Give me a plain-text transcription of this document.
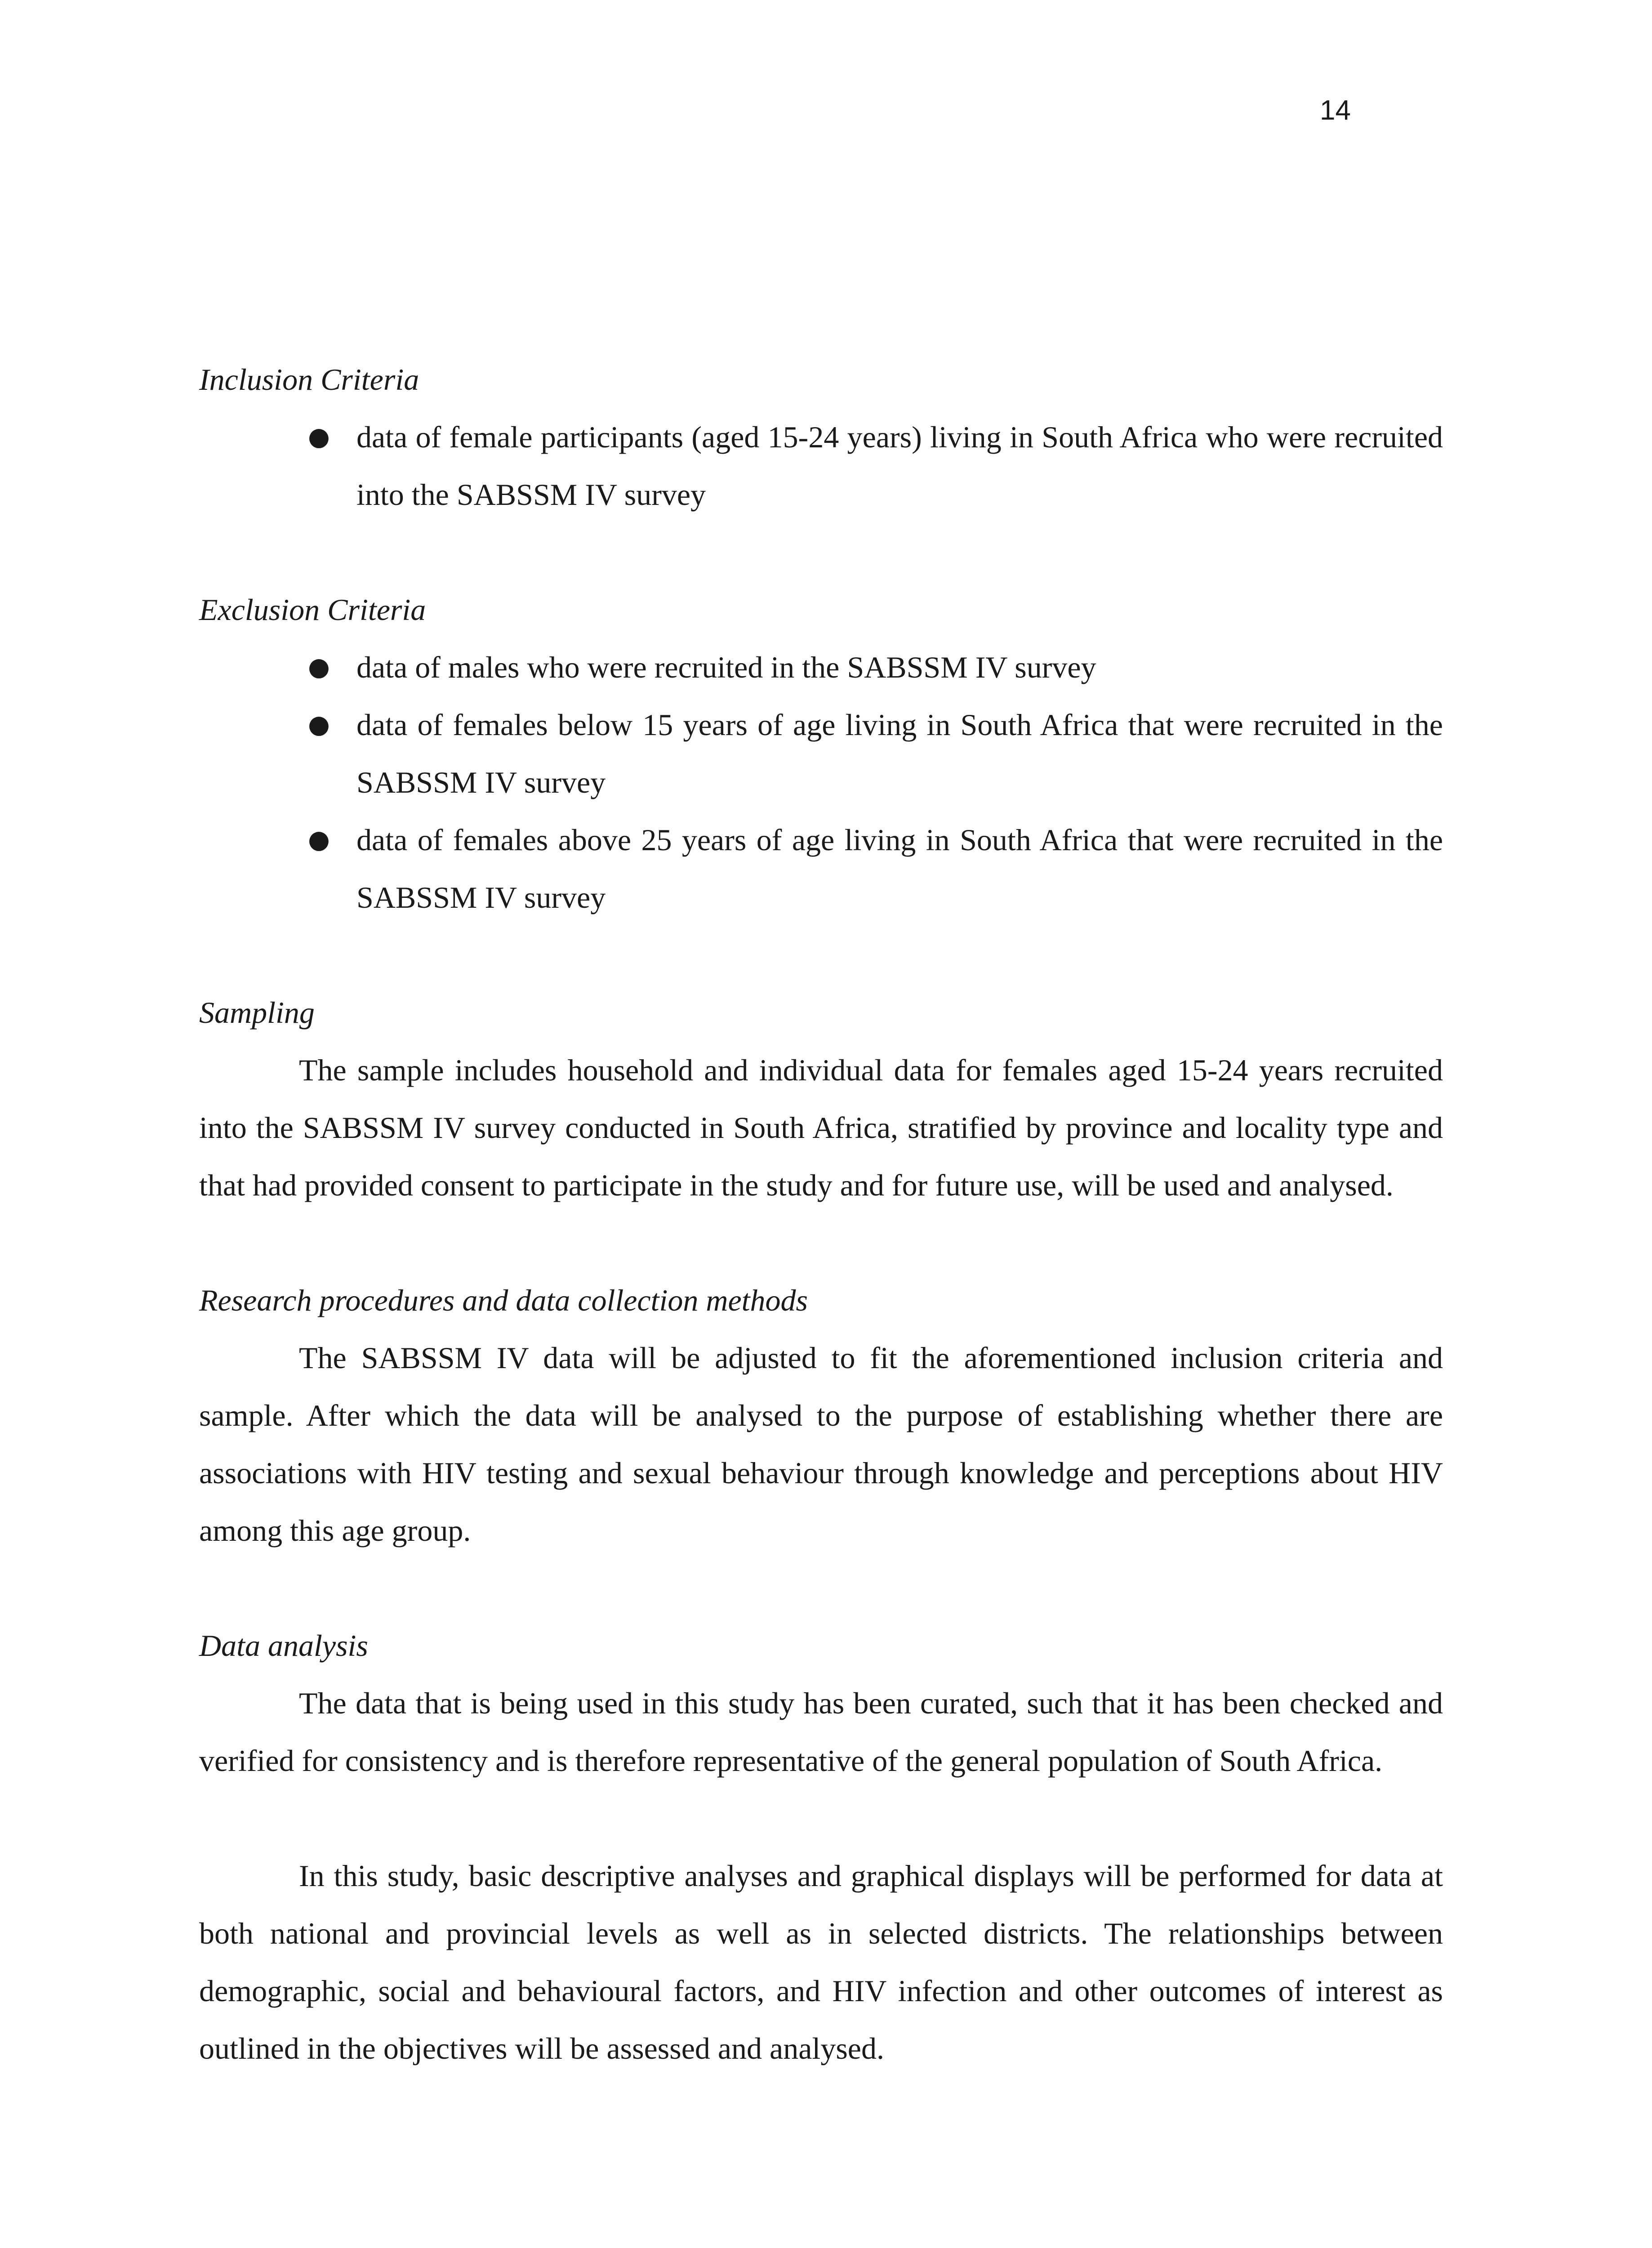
14

Inclusion Criteria

● data of female participants (aged 15-24 years) living in South Africa who were recruited into the SABSSM IV survey

Exclusion Criteria

● data of males who were recruited in the SABSSM IV survey
● data of females below 15 years of age living in South Africa that were recruited in the SABSSM IV survey
● data of females above 25 years of age living in South Africa that were recruited in the SABSSM IV survey

Sampling

The sample includes household and individual data for females aged 15-24 years recruited into the SABSSM IV survey conducted in South Africa, stratified by province and locality type and that had provided consent to participate in the study and for future use, will be used and analysed.

Research procedures and data collection methods

The SABSSM IV data will be adjusted to fit the aforementioned inclusion criteria and sample. After which the data will be analysed to the purpose of establishing whether there are associations with HIV testing and sexual behaviour through knowledge and perceptions about HIV among this age group.

Data analysis

The data that is being used in this study has been curated, such that it has been checked and verified for consistency and is therefore representative of the general population of South Africa.

In this study, basic descriptive analyses and graphical displays will be performed for data at both national and provincial levels as well as in selected districts. The relationships between demographic, social and behavioural factors, and HIV infection and other outcomes of interest as outlined in the objectives will be assessed and analysed.
